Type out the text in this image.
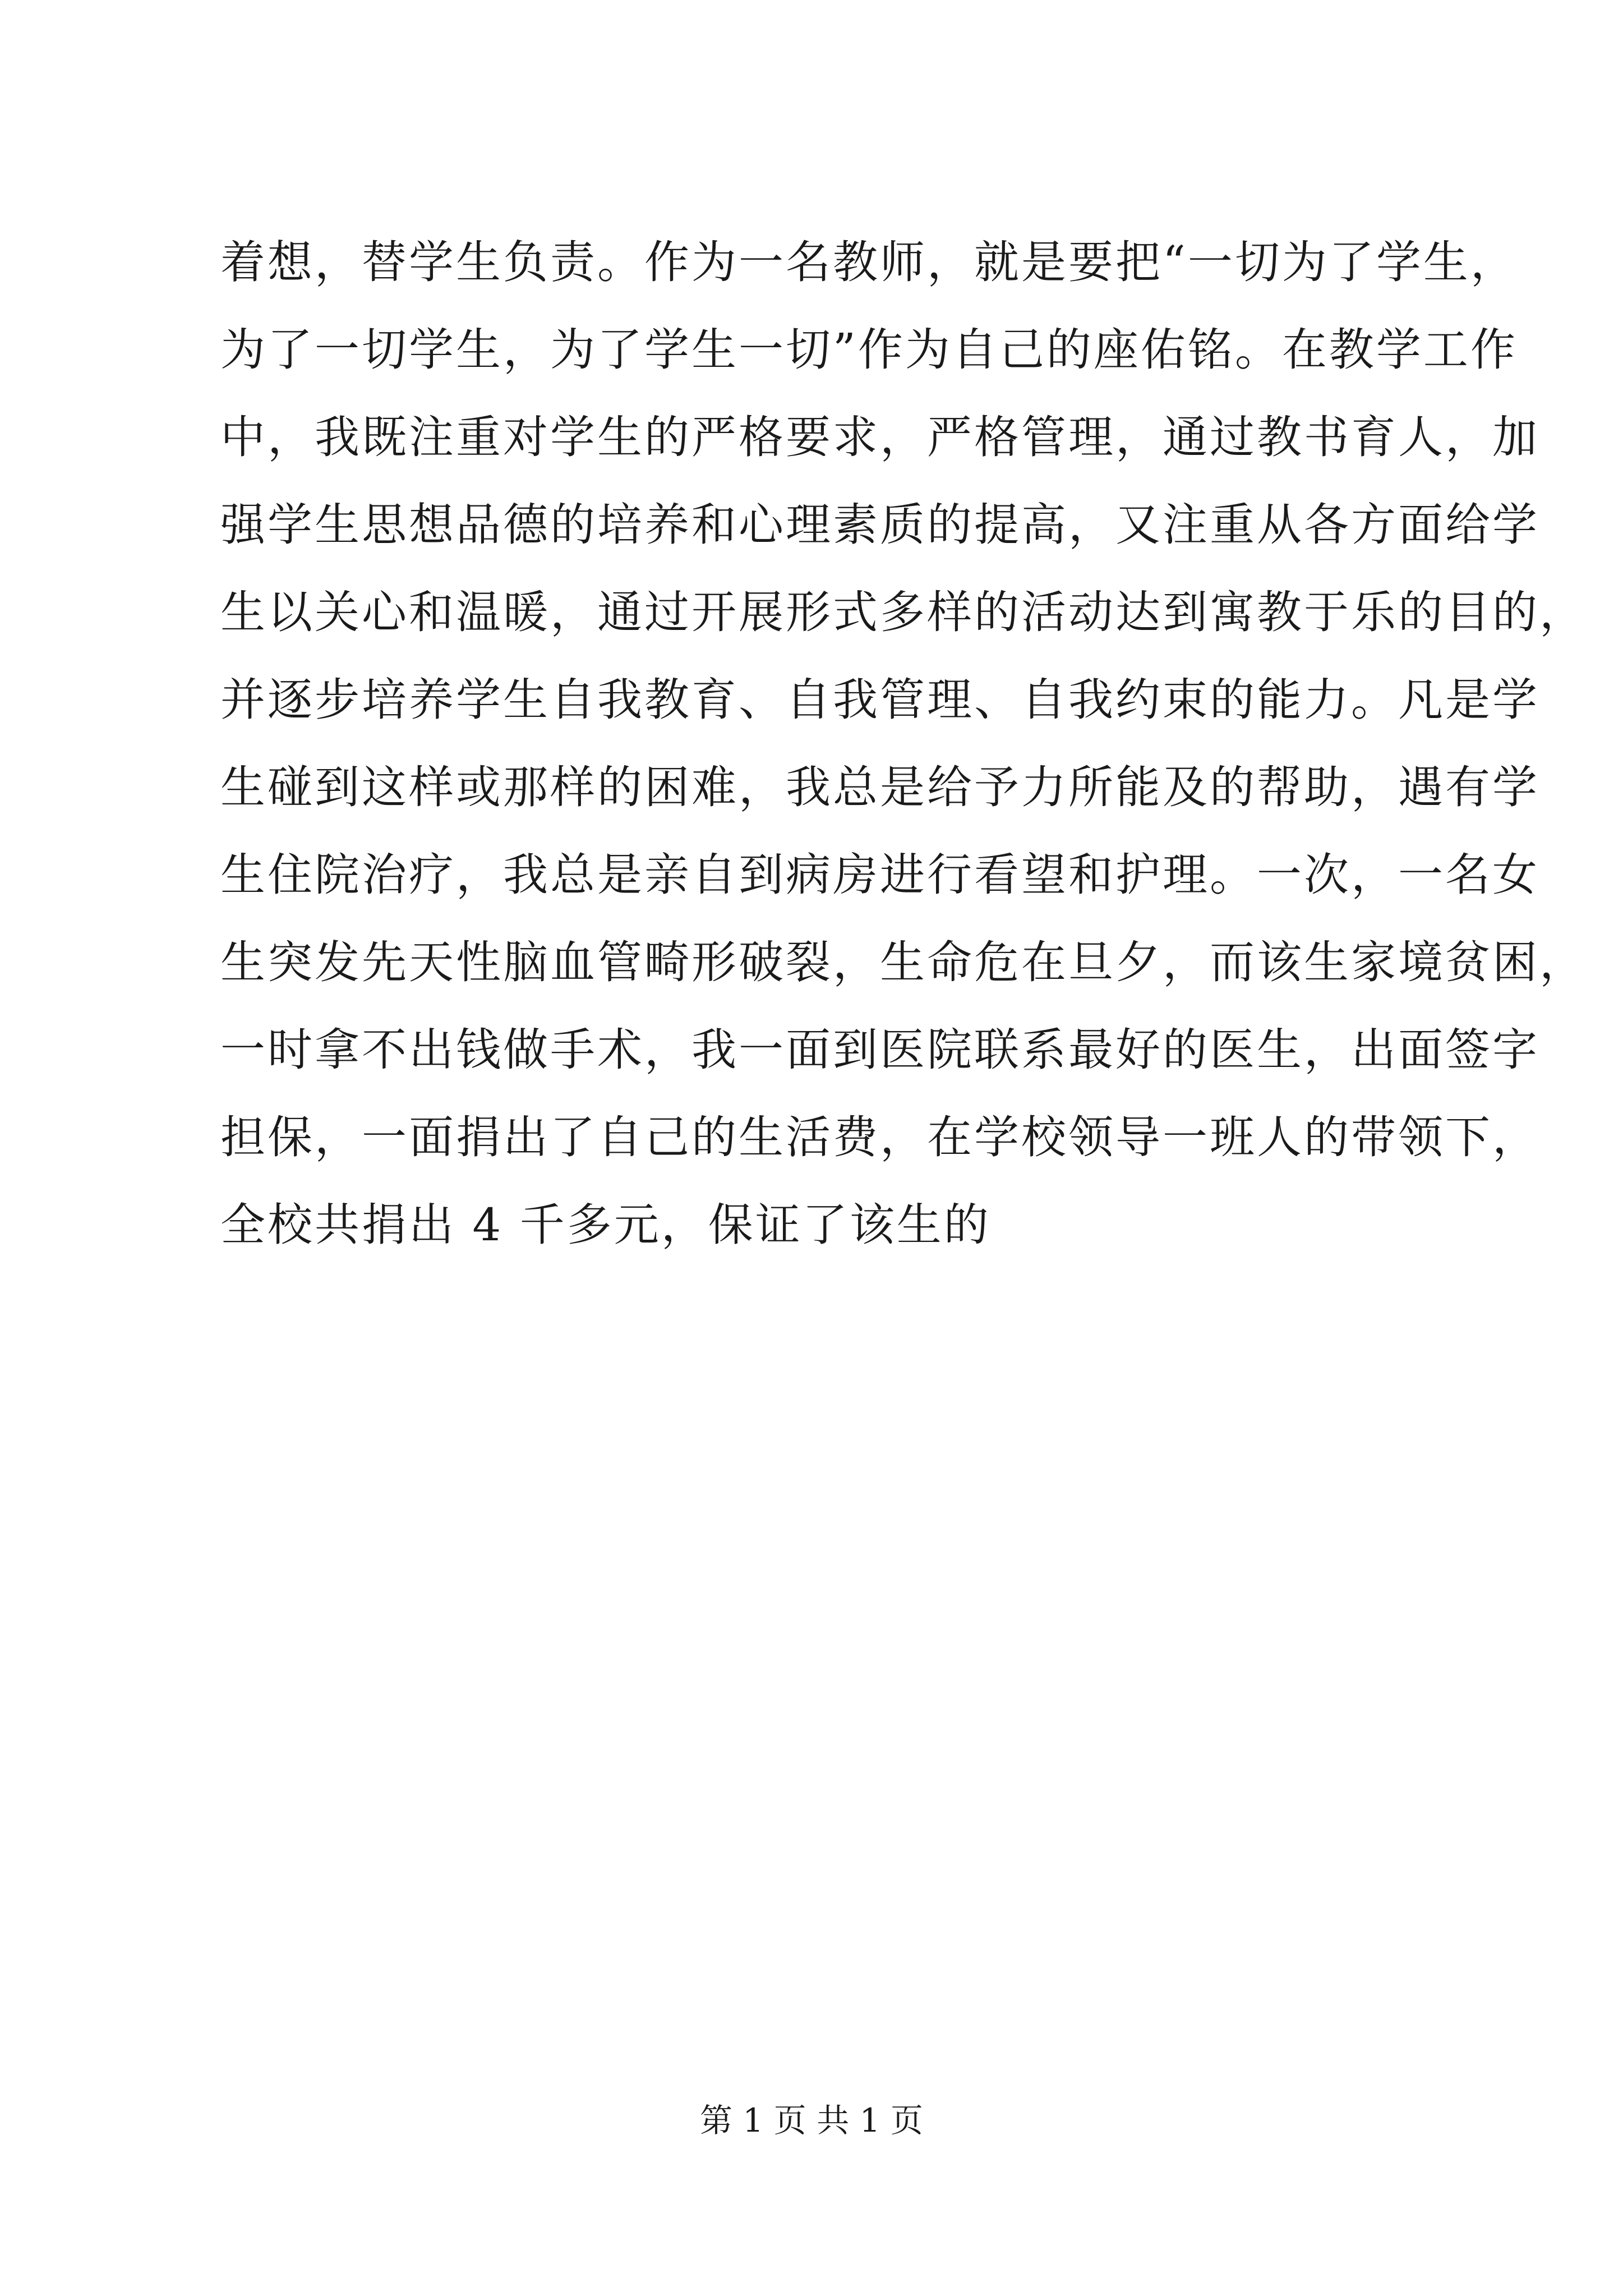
着想，替学生负责。作为一名教师，就是要把“一切为了学生，
为了一切学生，为了学生一切”作为自己的座佑铭。在教学工作
中，我既注重对学生的严格要求，严格管理，通过教书育人，加
强学生思想品德的培养和心理素质的提高，又注重从各方面给学
生以关心和温暖，通过开展形式多样的活动达到寓教于乐的目的，
并逐步培养学生自我教育、自我管理、自我约束的能力。凡是学
生碰到这样或那样的困难，我总是给予力所能及的帮助，遇有学
生住院治疗，我总是亲自到病房进行看望和护理。一次，一名女
生突发先天性脑血管畸形破裂，生命危在旦夕，而该生家境贫困，
一时拿不出钱做手术，我一面到医院联系最好的医生，出面签字
担保，一面捐出了自己的生活费，在学校领导一班人的带领下，
全校共捐出 4 千多元，保证了该生的
第 1 页 共 1 页
